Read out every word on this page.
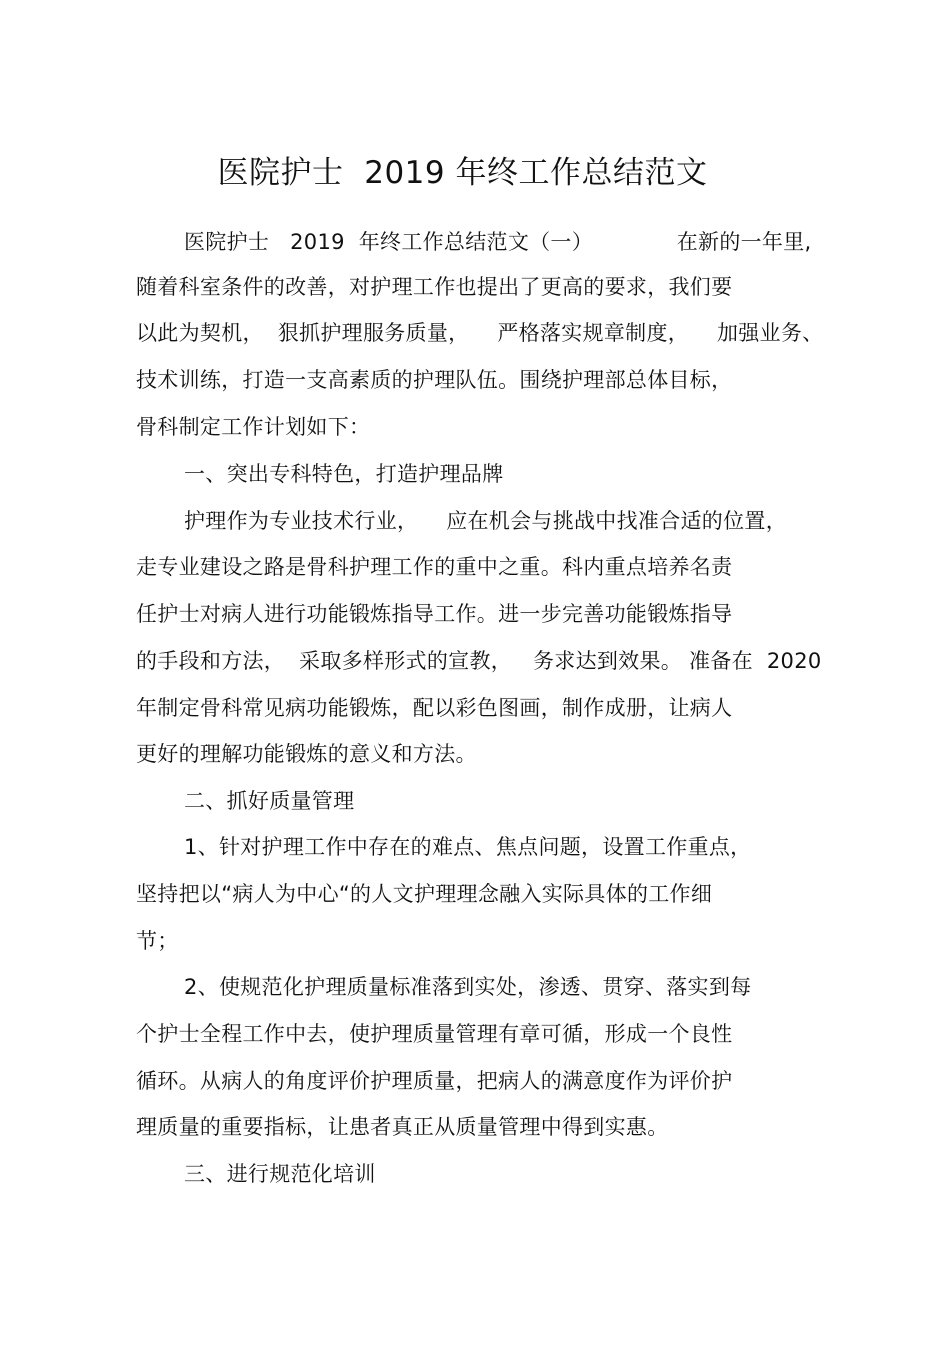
医院护士  2019 年终工作总结范文
医院护士   2019  年终工作总结范文（一）            在新的一年里,
随着科室条件的改善，对护理工作也提出了更高的要求，我们要
以此为契机，  狠抓护理服务质量，    严格落实规章制度，    加强业务、
技术训练，打造一支高素质的护理队伍。围绕护理部总体目标，
骨科制定工作计划如下：
一、突出专科特色，打造护理品牌
护理作为专业技术行业，    应在机会与挑战中找准合适的位置，
走专业建设之路是骨科护理工作的重中之重。科内重点培养名责
任护士对病人进行功能锻炼指导工作。进一步完善功能锻炼指导
的手段和方法，  采取多样形式的宣教，   务求达到效果。 准备在  2020
年制定骨科常见病功能锻炼，配以彩色图画，制作成册，让病人
更好的理解功能锻炼的意义和方法。
二、抓好质量管理
1、针对护理工作中存在的难点、焦点问题，设置工作重点，
坚持把以“病人为中心“的人文护理理念融入实际具体的工作细
节；
2、使规范化护理质量标准落到实处，渗透、贯穿、落实到每
个护士全程工作中去，使护理质量管理有章可循，形成一个良性
循环。从病人的角度评价护理质量，把病人的满意度作为评价护
理质量的重要指标，让患者真正从质量管理中得到实惠。
三、进行规范化培训
